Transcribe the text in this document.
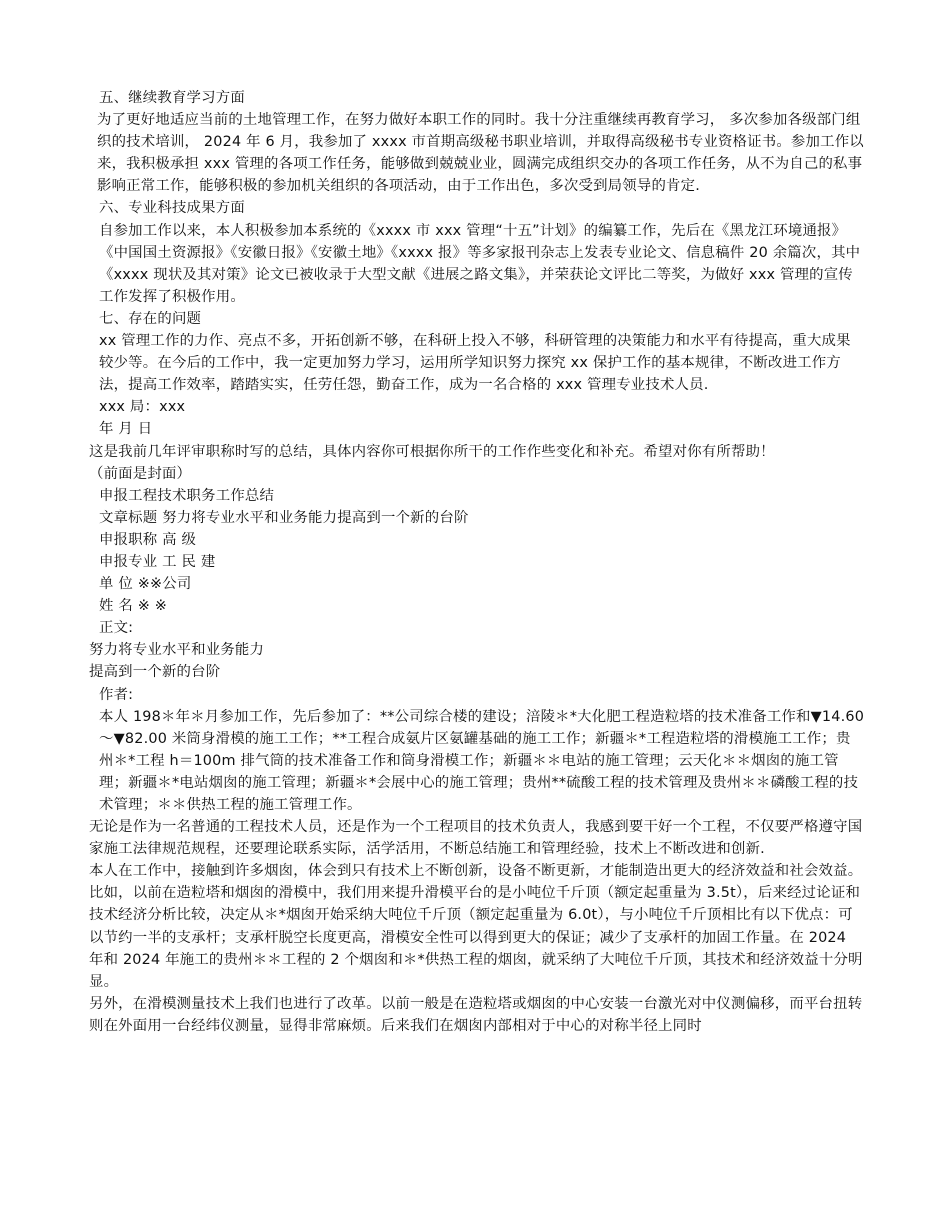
五、继续教育学习方面

为了更好地适应当前的土地管理工作，在努力做好本职工作的同时。我十分注重继续再教育学习， 多次参加各级部门组织的技术培训， 2024 年 6 月，我参加了 xxxx 市首期高级秘书职业培训，并取得高级秘书专业资格证书。参加工作以来，我积极承担 xxx 管理的各项工作任务，能够做到兢兢业业，圆满完成组织交办的各项工作任务，从不为自己的私事影响正常工作，能够积极的参加机关组织的各项活动，由于工作出色，多次受到局领导的肯定.

六、专业科技成果方面

自参加工作以来，本人积极参加本系统的《xxxx 市 xxx 管理“十五”计划》的编纂工作，先后在《黑龙江环境通报》《中国国土资源报》《安徽日报》《安徽土地》《xxxx 报》等多家报刊杂志上发表专业论文、信息稿件 20 余篇次，其中《xxxx 现状及其对策》论文已被收录于大型文献《进展之路文集》，并荣获论文评比二等奖，为做好 xxx 管理的宣传工作发挥了积极作用。

七、存在的问题

xx 管理工作的力作、亮点不多，开拓创新不够，在科研上投入不够，科研管理的决策能力和水平有待提高，重大成果较少等。在今后的工作中，我一定更加努力学习，运用所学知识努力探究 xx 保护工作的基本规律，不断改进工作方法，提高工作效率，踏踏实实，任劳任怨，勤奋工作，成为一名合格的 xxx 管理专业技术人员.

xxx 局：xxx

年 月 日

这是我前几年评审职称时写的总结，具体内容你可根据你所干的工作作些变化和补充。希望对你有所帮助！

（前面是封面）

申报工程技术职务工作总结

文章标题 努力将专业水平和业务能力提高到一个新的台阶

申报职称 高 级

申报专业 工 民 建

单 位 ※※公司

姓 名 ※ ※

正文:

努力将专业水平和业务能力

提高到一个新的台阶

作者:

本人 198＊年＊月参加工作，先后参加了：**公司综合楼的建设；涪陵＊*大化肥工程造粒塔的技术准备工作和▼14.60～▼82.00 米筒身滑模的施工工作；**工程合成氨片区氨罐基础的施工工作；新疆＊*工程造粒塔的滑模施工工作；贵州＊*工程 h＝100m 排气筒的技术准备工作和筒身滑模工作；新疆＊＊电站的施工管理；云天化＊＊烟囱的施工管理；新疆＊*电站烟囱的施工管理；新疆＊*会展中心的施工管理；贵州**硫酸工程的技术管理及贵州＊＊磷酸工程的技术管理；＊＊供热工程的施工管理工作。

无论是作为一名普通的工程技术人员，还是作为一个工程项目的技术负责人，我感到要干好一个工程，不仅要严格遵守国家施工法律规范规程，还要理论联系实际，活学活用，不断总结施工和管理经验，技术上不断改进和创新.

本人在工作中，接触到许多烟囱，体会到只有技术上不断创新，设备不断更新，才能制造出更大的经济效益和社会效益。

比如，以前在造粒塔和烟囱的滑模中，我们用来提升滑模平台的是小吨位千斤顶（额定起重量为 3.5t），后来经过论证和技术经济分析比较，决定从＊*烟囱开始采纳大吨位千斤顶（额定起重量为 6.0t），与小吨位千斤顶相比有以下优点：可以节约一半的支承杆；支承杆脱空长度更高，滑模安全性可以得到更大的保证；减少了支承杆的加固工作量。在 2024 年和 2024 年施工的贵州＊＊工程的 2 个烟囱和＊*供热工程的烟囱，就采纳了大吨位千斤顶，其技术和经济效益十分明显。

另外，在滑模测量技术上我们也进行了改革。以前一般是在造粒塔或烟囱的中心安装一台激光对中仪测偏移，而平台扭转则在外面用一台经纬仪测量，显得非常麻烦。后来我们在烟囱内部相对于中心的对称半径上同时
